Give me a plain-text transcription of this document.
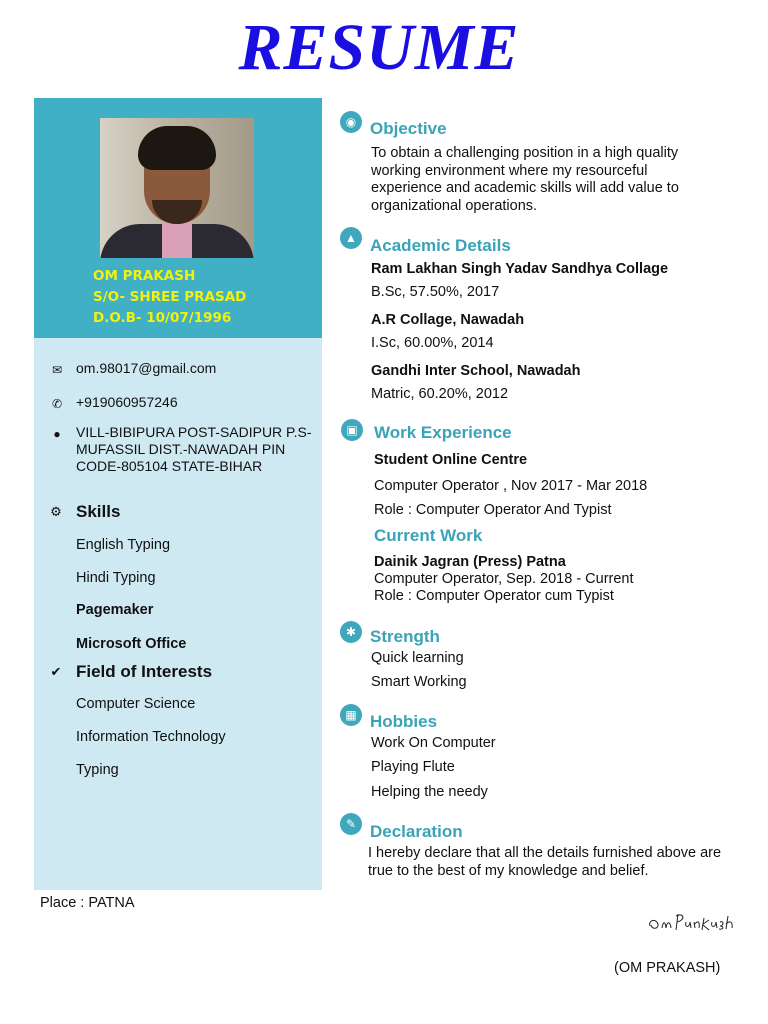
RESUME
OM PRAKASH
S/O- SHREE PRASAD
D.O.B- 10/07/1996
✉ om.98017@gmail.com
✆ +919060957246
●	VILL-BIBIPURA POST-SADIPUR P.S-MUFASSIL DIST.-NAWADAH PIN CODE-805104 STATE-BIHAR
⚙ Skills
English Typing
Hindi Typing
Pagemaker
Microsoft Office
✔ Field of Interests
Computer Science
Information Technology
Typing
◉ Objective
To obtain a challenging position in a high quality working environment where my resourceful experience and academic skills will add value to organizational operations.
▲ Academic Details
Ram Lakhan Singh Yadav Sandhya Collage
B.Sc, 57.50%, 2017
A.R Collage, Nawadah
I.Sc, 60.00%, 2014
Gandhi Inter School, Nawadah
Matric, 60.20%, 2012
▣ Work Experience
Student Online Centre
Computer Operator , Nov 2017 - Mar 2018
Role : Computer Operator And Typist
Current Work
Dainik Jagran (Press) Patna
Computer Operator, Sep. 2018 - Current
Role : Computer Operator cum Typist
✱ Strength
Quick learning
Smart Working
▦ Hobbies
Work On Computer
Playing Flute
Helping the needy
✎ Declaration
I hereby declare that all the details furnished above are true to the best of my knowledge and belief.
Place : PATNA
(OM PRAKASH)
